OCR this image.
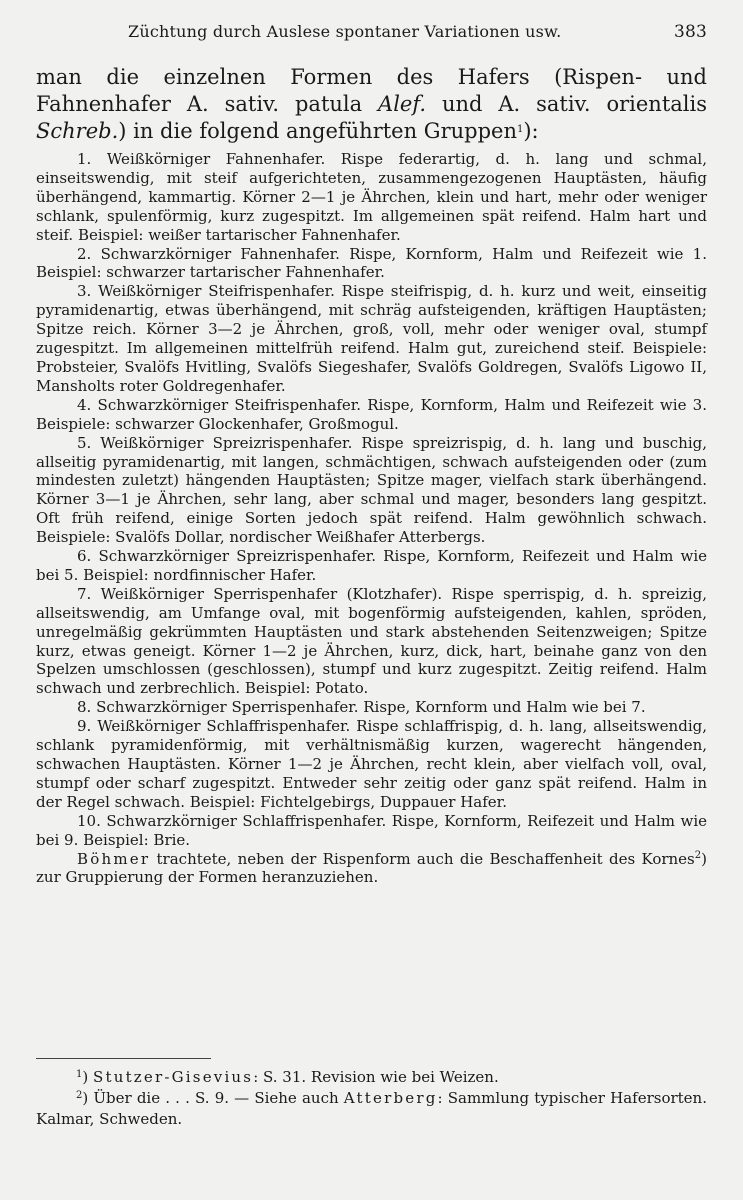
Züchtung durch Auslese spontaner Variationen usw.	383
man die einzelnen Formen des Hafers (Rispen- und Fahnenhafer A. sativ. patula Alef. und A. sativ. orientalis Schreb.) in die folgend angeführten Gruppen$^1$):

1. Weißkörniger Fahnenhafer. Rispe federartig, d. h. lang und schmal, einseitswendig, mit steif aufgerichteten, zusammengezogenen Hauptästen, häufig überhängend, kammartig. Körner 2—1 je Ährchen, klein und hart, mehr oder weniger schlank, spulenförmig, kurz zugespitzt. Im allgemeinen spät reifend. Halm hart und steif. Beispiel: weißer tartarischer Fahnenhafer.

2. Schwarzkörniger Fahnenhafer. Rispe, Kornform, Halm und Reifezeit wie 1. Beispiel: schwarzer tartarischer Fahnenhafer.

3. Weißkörniger Steifrispenhafer. Rispe steifrispig, d. h. kurz und weit, einseitig pyramidenartig, etwas überhängend, mit schräg aufsteigenden, kräftigen Hauptästen; Spitze reich. Körner 3—2 je Ährchen, groß, voll, mehr oder weniger oval, stumpf zugespitzt. Im allgemeinen mittelfrüh reifend. Halm gut, zureichend steif. Beispiele: Probsteier, Svalöfs Hvitling, Svalöfs Siegeshafer, Svalöfs Goldregen, Svalöfs Ligowo II, Mansholts roter Goldregenhafer.

4. Schwarzkörniger Steifrispenhafer. Rispe, Kornform, Halm und Reifezeit wie 3. Beispiele: schwarzer Glockenhafer, Großmogul.

5. Weißkörniger Spreizrispenhafer. Rispe spreizrispig, d. h. lang und buschig, allseitig pyramidenartig, mit langen, schmächtigen, schwach aufsteigenden oder (zum mindesten zuletzt) hängenden Hauptästen; Spitze mager, vielfach stark überhängend. Körner 3—1 je Ährchen, sehr lang, aber schmal und mager, besonders lang gespitzt. Oft früh reifend, einige Sorten jedoch spät reifend. Halm gewöhnlich schwach. Beispiele: Svalöfs Dollar, nordischer Weißhafer Atterbergs.

6. Schwarzkörniger Spreizrispenhafer. Rispe, Kornform, Reifezeit und Halm wie bei 5. Beispiel: nordfinnischer Hafer.

7. Weißkörniger Sperrispenhafer (Klotzhafer). Rispe sperrispig, d. h. spreizig, allseitswendig, am Umfange oval, mit bogenförmig aufsteigenden, kahlen, spröden, unregelmäßig gekrümmten Hauptästen und stark abstehenden Seitenzweigen; Spitze kurz, etwas geneigt. Körner 1—2 je Ährchen, kurz, dick, hart, beinahe ganz von den Spelzen umschlossen (geschlossen), stumpf und kurz zugespitzt. Zeitig reifend. Halm schwach und zerbrechlich. Beispiel: Potato.

8. Schwarzkörniger Sperrispenhafer. Rispe, Kornform und Halm wie bei 7.

9. Weißkörniger Schlaffrispenhafer. Rispe schlaffrispig, d. h. lang, allseitswendig, schlank pyramidenförmig, mit verhältnismäßig kurzen, wagerecht hängenden, schwachen Hauptästen. Körner 1—2 je Ährchen, recht klein, aber vielfach voll, oval, stumpf oder scharf zugespitzt. Entweder sehr zeitig oder ganz spät reifend. Halm in der Regel schwach. Beispiel: Fichtelgebirgs, Duppauer Hafer.

10. Schwarzkörniger Schlaffrispenhafer. Rispe, Kornform, Reifezeit und Halm wie bei 9. Beispiel: Brie.

Böhmer trachtete, neben der Rispenform auch die Beschaffenheit des Kornes$^2$) zur Gruppierung der Formen heranzuziehen.

$^1$) Stutzer-Gisevius: S. 31. Revision wie bei Weizen.

$^2$) Über die . . . S. 9. — Siehe auch Atterberg: Sammlung typischer Hafersorten. Kalmar, Schweden.
